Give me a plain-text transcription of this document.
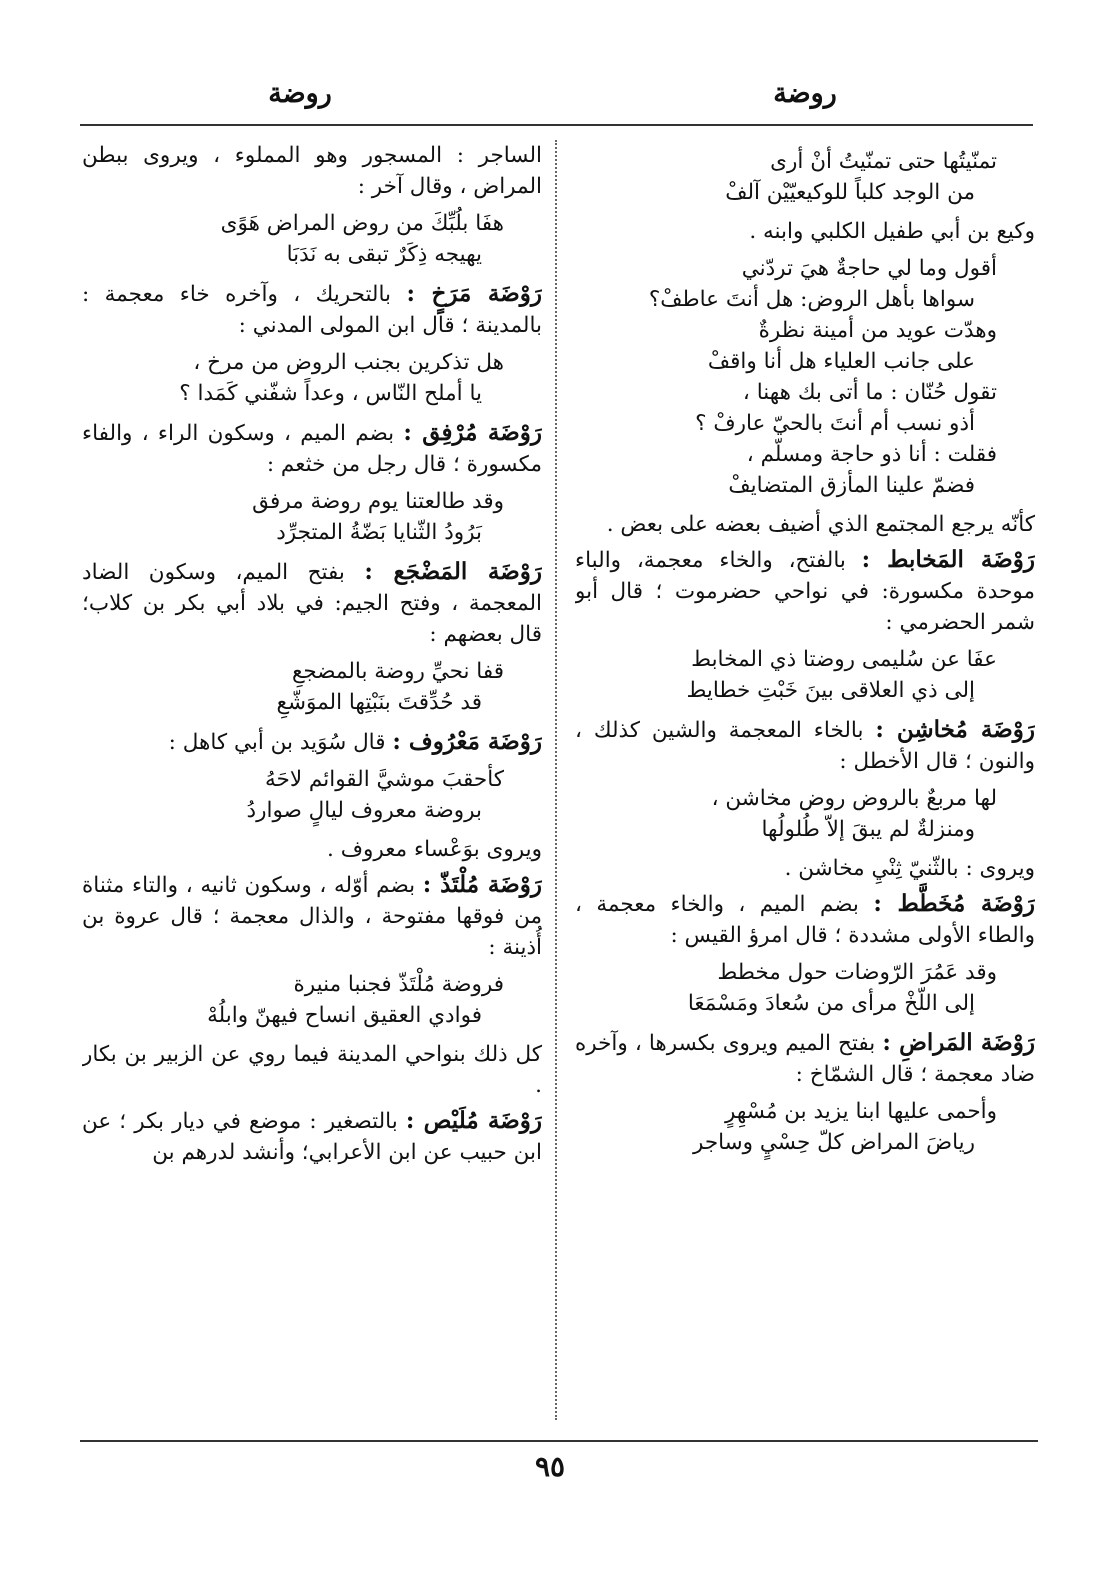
روضة
روضة
تمنّيتُها حتى تمنّيتُ أنْ أرى
من الوجد كلباً للوكيعيّيْن آلفْ

وكيع بن أبي طفيل الكلبي وابنه .

أقول وما لي حاجةٌ هيَ تردّني
سواها بأهل الروض: هل أنتَ عاطفْ؟
وهدّت عويد من أمينة نظرةٌ
على جانب العلياء هل أنا واقفْ
تقول حُنّان : ما أتى بك ههنا ،
أذو نسب أم أنتَ بالحيّ عارفْ ؟
فقلت : أنا ذو حاجة ومسلّم ،
فضمّ علينا المأزق المتضايفْ

كأنّه يرجع المجتمع الذي أضيف بعضه على بعض .

رَوْضَة المَخابط : بالفتح، والخاء معجمة، والباء موحدة مكسورة: في نواحي حضرموت ؛ قال أبو شمر الحضرمي :

عفَا عن سُليمى روضتا ذي المخابط
إلى ذي العلاقى بينَ خَبْتِ خطايط

رَوْضَة مُخاشِن : بالخاء المعجمة والشين كذلك ، والنون ؛ قال الأخطل :

لها مربعٌ بالروض روض مخاشن ،
ومنزلةٌ لم يبقَ إلاّ طُلولُها

ويروى : بالثّنيّ ثِنْيِ مخاشن .

رَوْضَة مُخَطَّط : بضم الميم ، والخاء معجمة ، والطاء الأولى مشددة ؛ قال امرؤ القيس :

وقد عَمُرَ الرّوضات حول مخطط
إلى اللّخْ مرأى من سُعادَ ومَسْمَعَا

رَوْضَة المَراضِ : بفتح الميم ويروى بكسرها ، وآخره ضاد معجمة ؛ قال الشمّاخ :

وأحمى عليها ابنا يزيد بن مُسْهِرٍ
رياضَ المراض كلّ حِسْيٍ وساجر

الساجر : المسجور وهو المملوء ، ويروى ببطن المراض ، وقال آخر :

هفَا بلُبِّكَ من روض المراض هَوًى
يهيجه ذِكَرٌ تبقى به نَدَبَا

رَوْضَة مَرَخٍ : بالتحريك ، وآخره خاء معجمة : بالمدينة ؛ قال ابن المولى المدني :

هل تذكرين بجنب الروض من مرخ ،
يا أملح النّاس ، وعداً شفّني كَمَدا ؟

رَوْضَة مُرْفِق : بضم الميم ، وسكون الراء ، والفاء مكسورة ؛ قال رجل من خثعم :

وقد طالعتنا يوم روضة مرفق
بَرُودُ الثّنايا بَضّةُ المتجرِّد

رَوْضَة المَضْجَع : بفتح الميم، وسكون الضاد المعجمة ، وفتح الجيم: في بلاد أبي بكر بن كلاب؛ قال بعضهم :

قفا نحيِّ روضة بالمضجعِ
قد حُدِّقتَ بنَبْتِها الموَشّعِ

رَوْضَة مَعْرُوف : قال سُوَيد بن أبي كاهل :

كأحقبَ موشيَّ القوائم لاحَهُ
بروضة معروف ليالٍ صواردُ

ويروى بوَعْساء معروف .

رَوْضَة مُلْتَذّ : بضم أوّله ، وسكون ثانيه ، والتاء مثناة من فوقها مفتوحة ، والذال معجمة ؛ قال عروة بن أُذينة :

فروضة مُلْتَذّ فجنبا منيرة
فوادي العقيق انساح فيهنّ وابلُهْ

كل ذلك بنواحي المدينة فيما روي عن الزبير بن بكار .

رَوْضَة مُلَيْص : بالتصغير : موضع في ديار بكر ؛ عن ابن حبيب عن ابن الأعرابي؛ وأنشد لدرهم بن

٩٥
